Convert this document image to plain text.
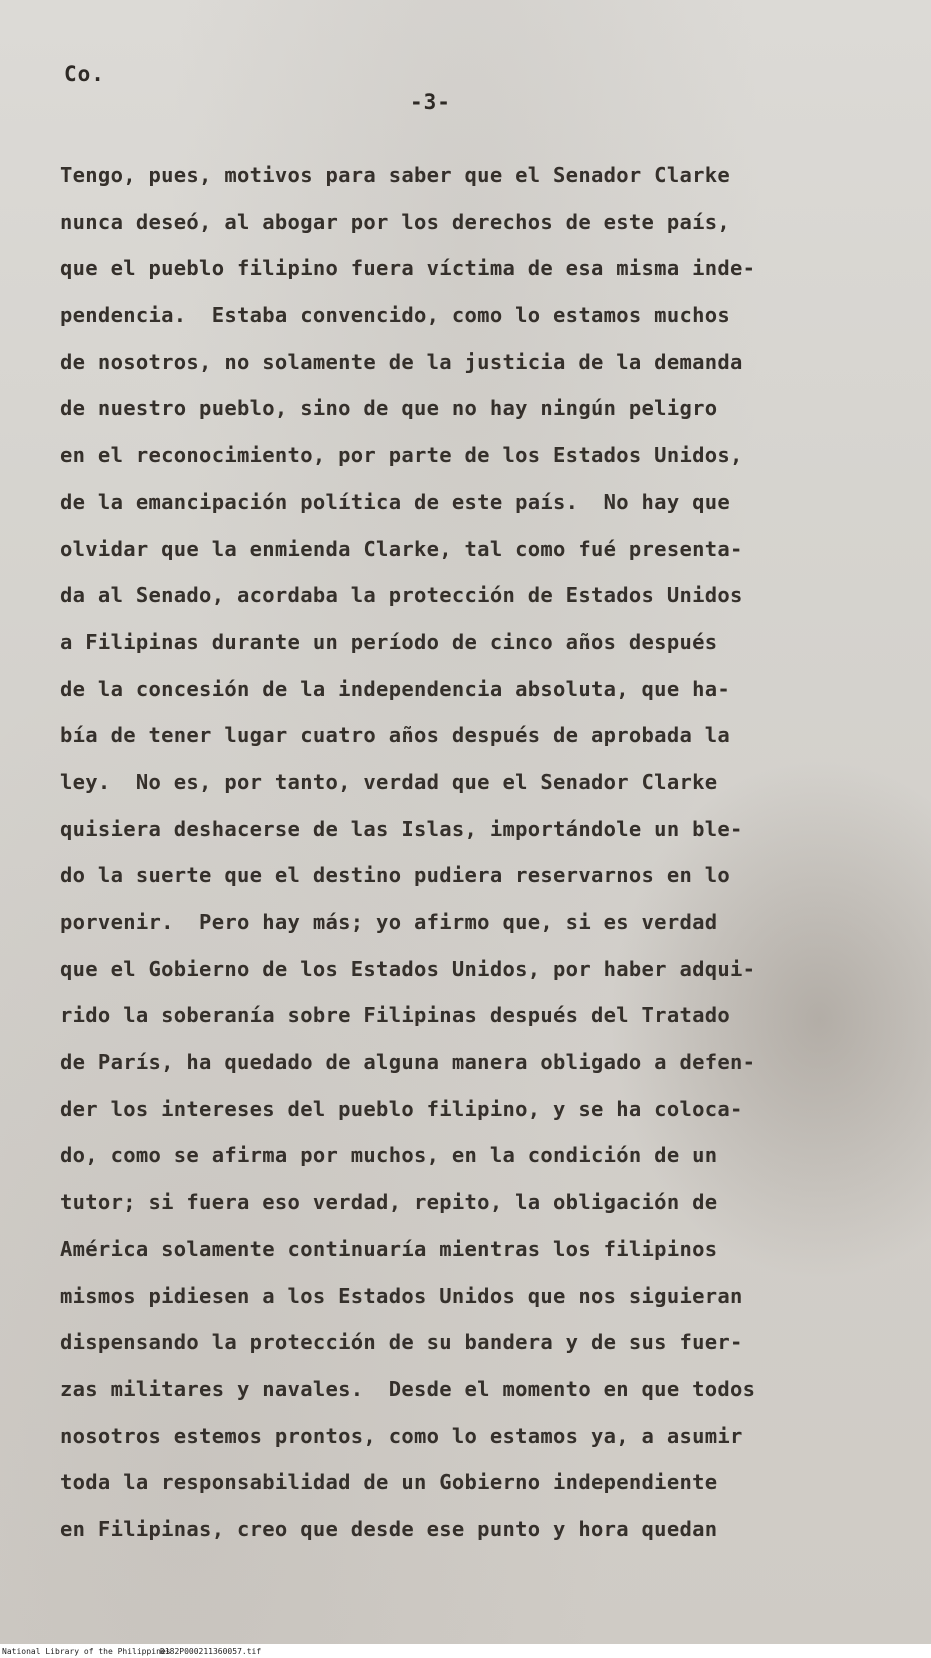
Co.
-3-
Tengo, pues, motivos para saber que el Senador Clarke
nunca deseó, al abogar por los derechos de este país,
que el pueblo filipino fuera víctima de esa misma inde-
pendencia.  Estaba convencido, como lo estamos muchos
de nosotros, no solamente de la justicia de la demanda
de nuestro pueblo, sino de que no hay ningún peligro
en el reconocimiento, por parte de los Estados Unidos,
de la emancipación política de este país.  No hay que
olvidar que la enmienda Clarke, tal como fué presenta-
da al Senado, acordaba la protección de Estados Unidos
a Filipinas durante un período de cinco años después
de la concesión de la independencia absoluta, que ha-
bía de tener lugar cuatro años después de aprobada la
ley.  No es, por tanto, verdad que el Senador Clarke
quisiera deshacerse de las Islas, importándole un ble-
do la suerte que el destino pudiera reservarnos en lo
porvenir.  Pero hay más; yo afirmo que, si es verdad
que el Gobierno de los Estados Unidos, por haber adqui-
rido la soberanía sobre Filipinas después del Tratado
de París, ha quedado de alguna manera obligado a defen-
der los intereses del pueblo filipino, y se ha coloca-
do, como se afirma por muchos, en la condición de un
tutor; si fuera eso verdad, repito, la obligación de
América solamente continuaría mientras los filipinos
mismos pidiesen a los Estados Unidos que nos siguieran
dispensando la protección de su bandera y de sus fuer-
zas militares y navales.  Desde el momento en que todos
nosotros estemos prontos, como lo estamos ya, a asumir
toda la responsabilidad de un Gobierno independiente
en Filipinas, creo que desde ese punto y hora quedan
National Library of the Philippines
D182P000211360057.tif
